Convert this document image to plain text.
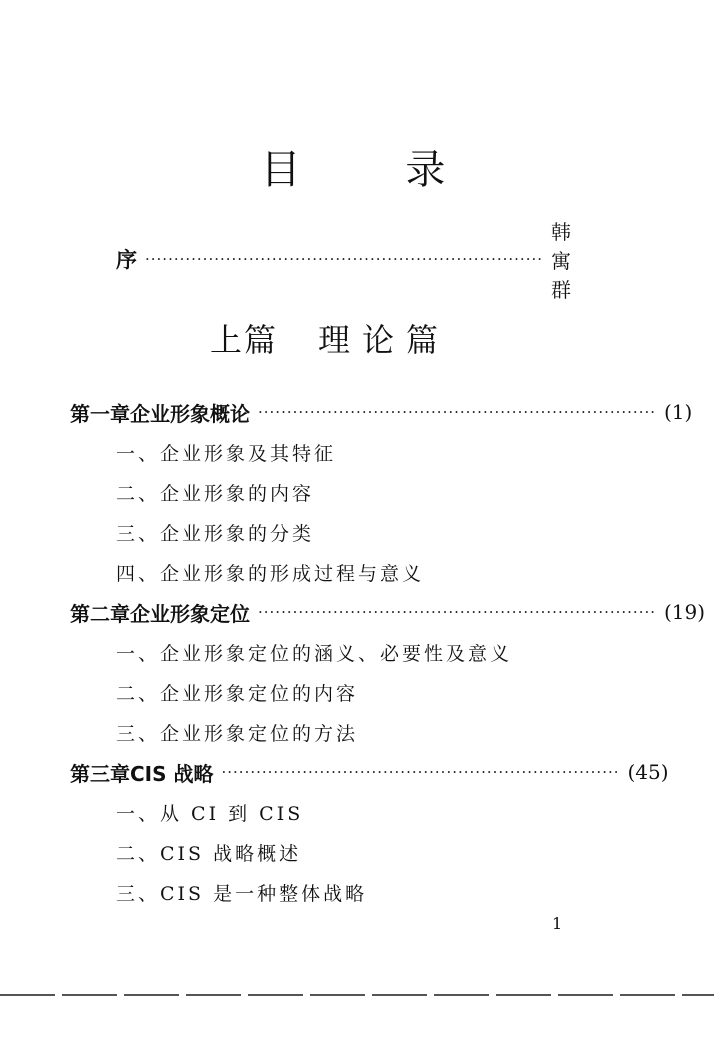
目 录
序 ·····································································
韩寓群
上篇 理论篇
第一章 企业形象概论 ····································································· (1)
一、企业形象及其特征
二、企业形象的内容
三、企业形象的分类
四、企业形象的形成过程与意义
第二章 企业形象定位 ····································································· (19)
一、企业形象定位的涵义、必要性及意义
二、企业形象定位的内容
三、企业形象定位的方法
第三章 CIS 战略 ····································································· (45)
一、从 CI 到 CIS
二、CIS 战略概述
三、CIS 是一种整体战略
1
